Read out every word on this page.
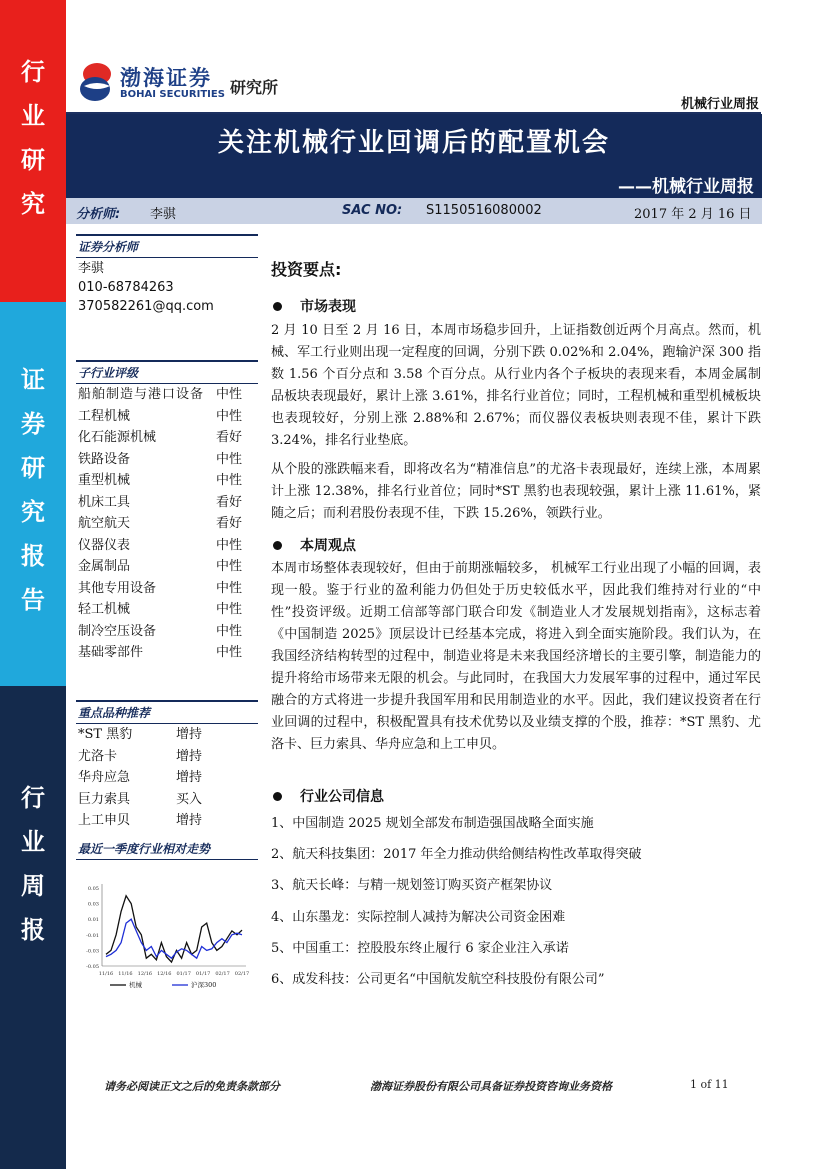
行
业
研
究
证
券
研
究
报
告
行
业
周
报
渤海证券
BOHAI SECURITIES 研究所
机械行业周报
关注机械行业回调后的配置机会
——机械行业周报
分析师: 李骐	SAC NO: S1150516080002	2017 年 2 月 16 日
证券分析师
李骐
010-68784263
370582261@qq.com
子行业评级
船舶制造与港口设备 中性
工程机械	中性
化石能源机械	看好
铁路设备	中性
重型机械	中性
机床工具	看好
航空航天	看好
仪器仪表	中性
金属制品	中性
其他专用设备	中性
轻工机械	中性
制冷空压设备	中性
基础零部件	中性
重点品种推荐
*ST 黑豹	增持
尤洛卡	增持
华舟应急	增持
巨力索具	买入
上工申贝	增持
最近一季度行业相对走势
0.05
0.03
0.01
-0.01
-0.03
-0.05
11/16 11/16 12/16 12/16 01/17 01/17 02/17 02/17
机械	沪深300
投资要点:
市场表现
2 月 10 日至 2 月 16 日，本周市场稳步回升，上证指数创近两个月高点。然而，机械、军工行业则出现一定程度的回调，分别下跌 0.02%和 2.04%，跑输沪深 300 指数 1.56 个百分点和 3.58 个百分点。从行业内各个子板块的表现来看，本周金属制品板块表现最好，累计上涨 3.61%，排名行业首位；同时，工程机械和重型机械板块也表现较好，分别上涨 2.88%和 2.67%；而仪器仪表板块则表现不佳，累计下跌 3.24%，排名行业垫底。
从个股的涨跌幅来看，即将改名为“精准信息”的尤洛卡表现最好，连续上涨，本周累计上涨 12.38%，排名行业首位；同时*ST 黑豹也表现较强，累计上涨 11.61%，紧随之后；而利君股份表现不佳，下跌 15.26%，领跌行业。
本周观点
本周市场整体表现较好，但由于前期涨幅较多， 机械军工行业出现了小幅的回调，表现一般。鉴于行业的盈利能力仍但处于历史较低水平，因此我们维持对行业的“中性”投资评级。近期工信部等部门联合印发《制造业人才发展规划指南》，这标志着《中国制造 2025》顶层设计已经基本完成，将进入到全面实施阶段。我们认为，在我国经济结构转型的过程中，制造业将是未来我国经济增长的主要引擎，制造能力的提升将给市场带来无限的机会。与此同时，在我国大力发展军事的过程中，通过军民融合的方式将进一步提升我国军用和民用制造业的水平。因此，我们建议投资者在行业回调的过程中，积极配置具有技术优势以及业绩支撑的个股，推荐：*ST 黑豹、尤洛卡、巨力索具、华舟应急和上工申贝。
行业公司信息
1、中国制造 2025 规划全部发布制造强国战略全面实施
2、航天科技集团：2017 年全力推动供给侧结构性改革取得突破
3、航天长峰：与精一规划签订购买资产框架协议
4、山东墨龙：实际控制人减持为解决公司资金困难
5、中国重工：控股股东终止履行 6 家企业注入承诺
6、成发科技：公司更名“中国航发航空科技股份有限公司”
请务必阅读正文之后的免责条款部分	渤海证券股份有限公司具备证券投资咨询业务资格	1 of 11
